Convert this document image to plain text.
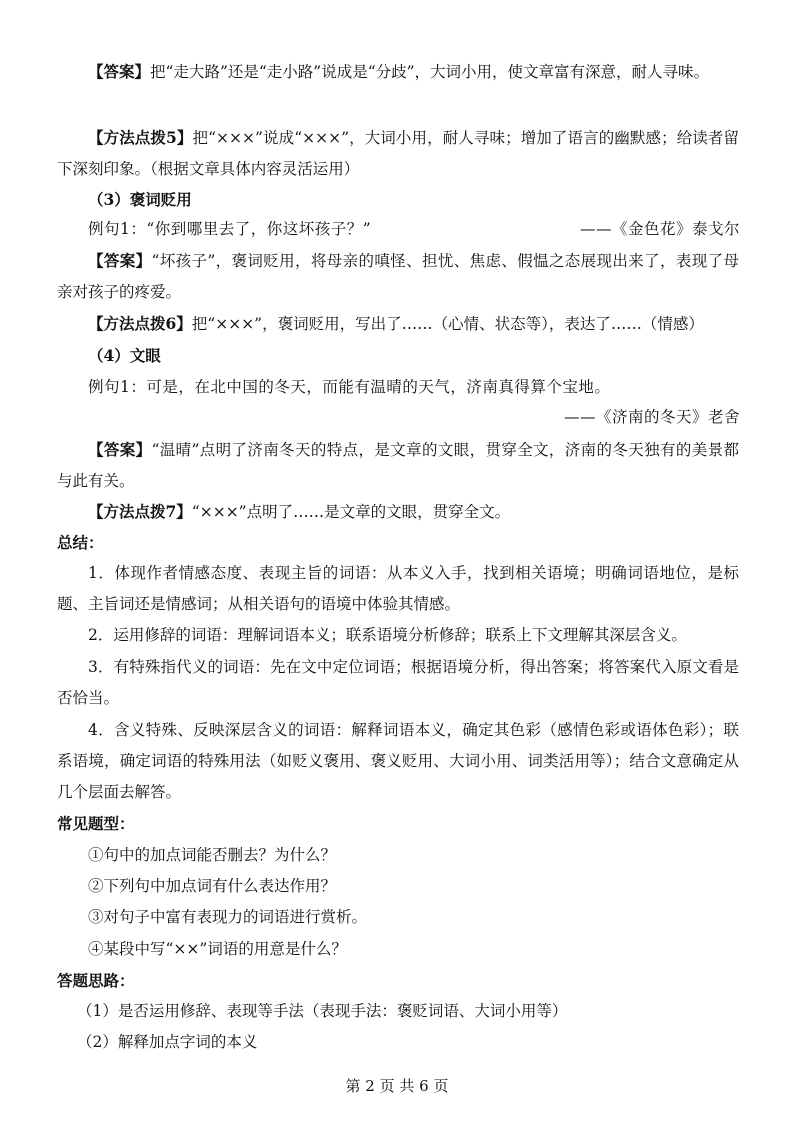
【答案】把“走大路”还是“走小路”说成是“分歧”，大词小用，使文章富有深意，耐人寻味。
【方法点拨5】把“×××”说成“×××”，大词小用，耐人寻味；增加了语言的幽默感；给读者留下深刻印象。（根据文章具体内容灵活运用）
（3）褒词贬用
例句1：“你到哪里去了，你这坏孩子？”	——《金色花》泰戈尔
【答案】“坏孩子”，褒词贬用，将母亲的嗔怪、担忧、焦虑、假愠之态展现出来了，表现了母亲对孩子的疼爱。
【方法点拨6】把“×××”，褒词贬用，写出了……（心情、状态等），表达了……（情感）
（4）文眼
例句1：可是，在北中国的冬天，而能有温晴的天气，济南真得算个宝地。
——《济南的冬天》老舍
【答案】“温晴”点明了济南冬天的特点，是文章的文眼，贯穿全文，济南的冬天独有的美景都与此有关。
【方法点拨7】“×××”点明了……是文章的文眼，贯穿全文。
总结：
1．体现作者情感态度、表现主旨的词语：从本义入手，找到相关语境；明确词语地位，是标题、主旨词还是情感词；从相关语句的语境中体验其情感。
2．运用修辞的词语：理解词语本义；联系语境分析修辞；联系上下文理解其深层含义。
3．有特殊指代义的词语：先在文中定位词语；根据语境分析，得出答案；将答案代入原文看是否恰当。
4．含义特殊、反映深层含义的词语：解释词语本义，确定其色彩（感情色彩或语体色彩）；联系语境，确定词语的特殊用法（如贬义褒用、褒义贬用、大词小用、词类活用等）；结合文意确定从几个层面去解答。
常见题型：
①句中的加点词能否删去？为什么？
②下列句中加点词有什么表达作用？
③对句子中富有表现力的词语进行赏析。
④某段中写“××”词语的用意是什么？
答题思路：
（1）是否运用修辞、表现等手法（表现手法：褒贬词语、大词小用等）
（2）解释加点字词的本义
第 2 页 共 6 页
